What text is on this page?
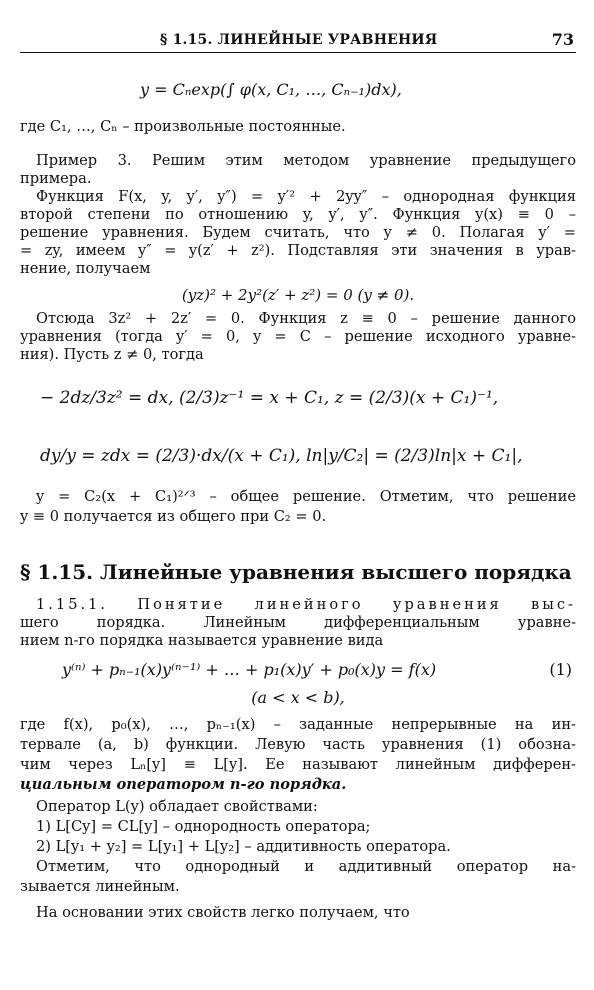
§ 1.15. ЛИНЕЙНЫЕ УРАВНЕНИЯ	73
y = Cₙexp(∫ φ(x, C₁, …, Cₙ₋₁)dx),
где C₁, …, Cₙ – произвольные постоянные.
Пример 3. Решим этим методом уравнение предыдущего
примера.
Функция F(x, y, y′, y″) = y′² + 2yy″ – однородная функция
второй степени по отношению y, y′, y″. Функция y(x) ≡ 0 –
решение уравнения. Будем считать, что y ≠ 0. Полагая y′ =
= zy, имеем y″ = y(z′ + z²). Подставляя эти значения в урав-
нение, получаем
(yz)² + 2y²(z′ + z²) = 0 (y ≠ 0).
Отсюда 3z² + 2z′ = 0. Функция z ≡ 0 – решение данного
уравнения (тогда y′ = 0, y = C – решение исходного уравне-
ния). Пусть z ≠ 0, тогда
− 2dz/3z² = dx, (2/3)z⁻¹ = x + C₁, z = (2/3)(x + C₁)⁻¹,
dy/y = zdx = (2/3)·dx/(x + C₁), ln|y/C₂| = (2/3)ln|x + C₁|,
y = C₂(x + C₁)²ᐟ³ – общее решение. Отметим, что решение
y ≡ 0 получается из общего при C₂ = 0.
§ 1.15. Линейные уравнения высшего порядка
1.15.1. Понятие линейного уравнения выс-
шего порядка. Линейным дифференциальным уравне-
нием n-го порядка называется уравнение вида
y⁽ⁿ⁾ + pₙ₋₁(x)y⁽ⁿ⁻¹⁾ + … + p₁(x)y′ + p₀(x)y = f(x)	(1)
(a < x < b),
где f(x), p₀(x), …, pₙ₋₁(x) – заданные непрерывные на ин-
тервале (a, b) функции. Левую часть уравнения (1) обозна-
чим через Lₙ[y] ≡ L[y]. Ее называют линейным дифферен-
циальным оператором n-го порядка.
Оператор L(y) обладает свойствами:
1) L[Cy] = CL[y] – однородность оператора;
2) L[y₁ + y₂] = L[y₁] + L[y₂] – аддитивность оператора.
Отметим, что однородный и аддитивный оператор на-
зывается линейным.
На основании этих свойств легко получаем, что
